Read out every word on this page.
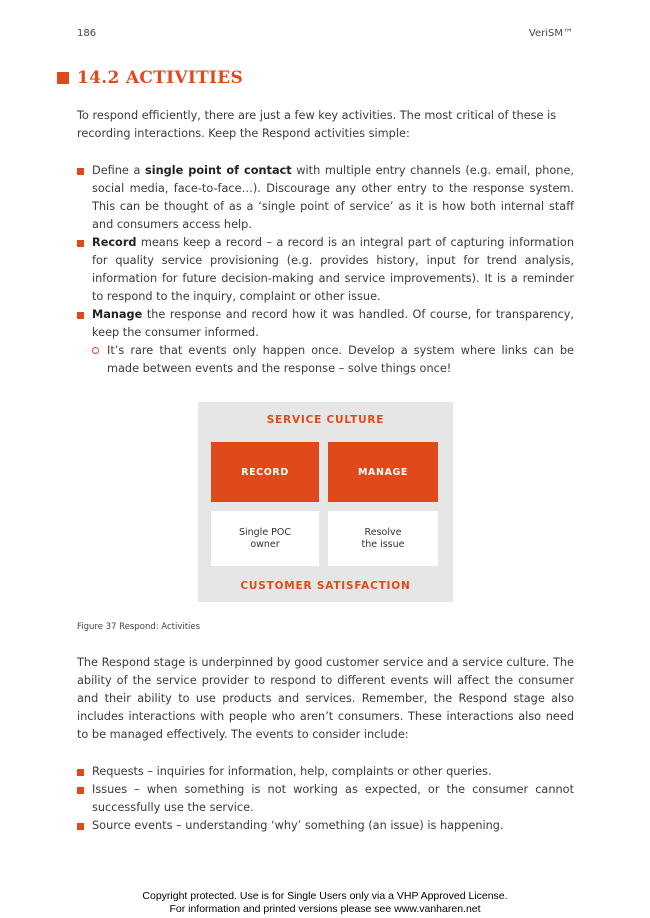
186	VeriSM™
14.2 ACTIVITIES
To respond efficiently, there are just a few key activities. The most critical of these is recording interactions. Keep the Respond activities simple:
Define a single point of contact with multiple entry channels (e.g. email, phone, social media, face-to-face…). Discourage any other entry to the response system. This can be thought of as a ‘single point of service’ as it is how both internal staff and consumers access help.
Record means keep a record – a record is an integral part of capturing information for quality service provisioning (e.g. provides history, input for trend analysis, information for future decision-making and service improvements). It is a reminder to respond to the inquiry, complaint or other issue.
Manage the response and record how it was handled. Of course, for transparency, keep the consumer informed.
It’s rare that events only happen once. Develop a system where links can be made between events and the response – solve things once!
SERVICE CULTURE
RECORD	MANAGE
Single POC
owner
Resolve
the issue
CUSTOMER SATISFACTION
Figure 37 Respond: Activities
The Respond stage is underpinned by good customer service and a service culture. The ability of the service provider to respond to different events will affect the consumer and their ability to use products and services. Remember, the Respond stage also includes interactions with people who aren’t consumers. These interactions also need to be managed effectively. The events to consider include:
Requests – inquiries for information, help, complaints or other queries.
Issues – when something is not working as expected, or the consumer cannot successfully use the service.
Source events – understanding ‘why’ something (an issue) is happening.
Copyright protected. Use is for Single Users only via a VHP Approved License.
For information and printed versions please see www.vanharen.net
